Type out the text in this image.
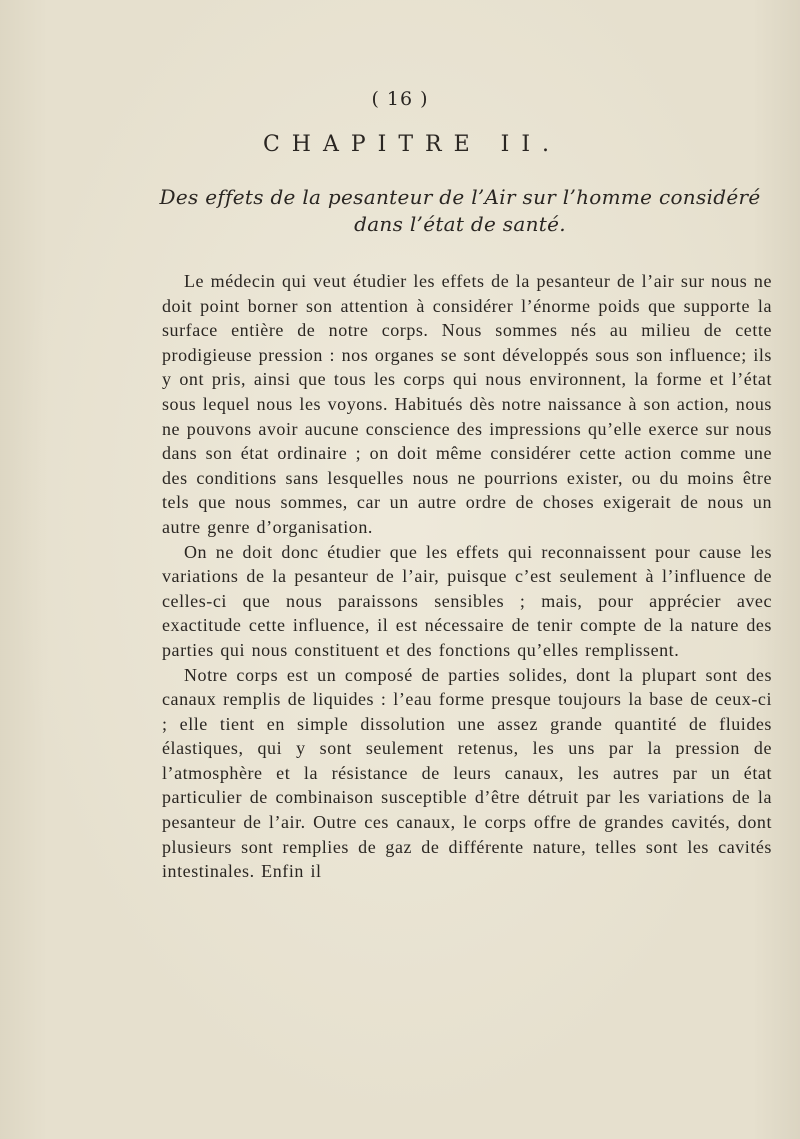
( 16 )
CHAPITRE II.
Des effets de la pesanteur de l’Air sur l’homme considéré dans l’état de santé.

Le médecin qui veut étudier les effets de la pesanteur de l’air sur nous ne doit point borner son attention à considérer l’énorme poids que supporte la surface entière de notre corps. Nous sommes nés au milieu de cette prodigieuse pression : nos organes se sont développés sous son influence; ils y ont pris, ainsi que tous les corps qui nous environnent, la forme et l’état sous lequel nous les voyons. Habitués dès notre naissance à son action, nous ne pouvons avoir aucune conscience des impressions qu’elle exerce sur nous dans son état ordinaire ; on doit même considérer cette action comme une des conditions sans lesquelles nous ne pourrions exister, ou du moins être tels que nous sommes, car un autre ordre de choses exigerait de nous un autre genre d’organisation.

On ne doit donc étudier que les effets qui reconnaissent pour cause les variations de la pesanteur de l’air, puisque c’est seulement à l’influence de celles-ci que nous paraissons sensibles ; mais, pour apprécier avec exactitude cette influence, il est nécessaire de tenir compte de la nature des parties qui nous constituent et des fonctions qu’elles remplissent.

Notre corps est un composé de parties solides, dont la plupart sont des canaux remplis de liquides : l’eau forme presque toujours la base de ceux-ci ; elle tient en simple dissolution une assez grande quantité de fluides élastiques, qui y sont seulement retenus, les uns par la pression de l’atmosphère et la résistance de leurs canaux, les autres par un état particulier de combinaison susceptible d’être détruit par les variations de la pesanteur de l’air. Outre ces canaux, le corps offre de grandes cavités, dont plusieurs sont remplies de gaz de différente nature, telles sont les cavités intestinales. Enfin il
